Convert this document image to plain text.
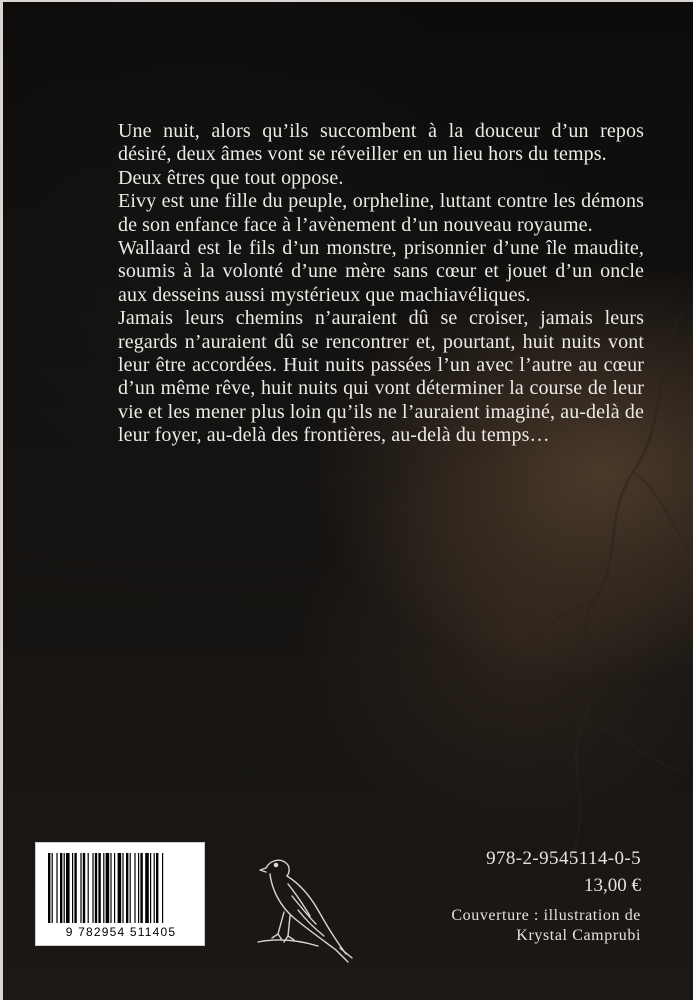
Une nuit, alors qu’ils succombent à la douceur d’un repos désiré, deux âmes vont se réveiller en un lieu hors du temps.

Deux êtres que tout oppose.

Eivy est une fille du peuple, orpheline, luttant contre les démons de son enfance face à l’avènement d’un nouveau royaume.

Wallaard est le fils d’un monstre, prisonnier d’une île maudite, soumis à la volonté d’une mère sans cœur et jouet d’un oncle aux desseins aussi mystérieux que machiavéliques.

Jamais leurs chemins n’auraient dû se croiser, jamais leurs regards n’auraient dû se rencontrer et, pourtant, huit nuits vont leur être accordées. Huit nuits passées l’un avec l’autre au cœur d’un même rêve, huit nuits qui vont déterminer la course de leur vie et les mener plus loin qu’ils ne l’auraient imaginé, au-delà de leur foyer, au-delà des frontières, au-delà du temps…

9 782954 511405
978-2-9545114-0-5
13,00 €
Couverture : illustration de
Krystal Camprubi
